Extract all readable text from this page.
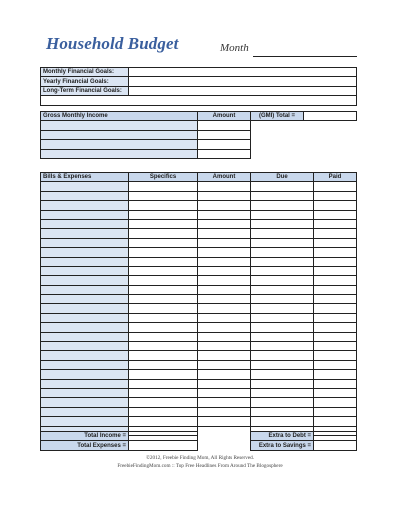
Household Budget	Month
Monthly Financial Goals:	
Yearly Financial Goals:	
Long-Term Financial Goals:	

Gross Monthly Income	Amount	(GMI) Total =	

Bills & Expenses	Specifics	Amount	Due	Paid

Total Income =			Extra to Debt =	
Total Expenses =			Extra to Savings =	
©2012, Freebie Finding Mom, All Rights Reserved.
FreebieFindingMom.com :: Top Free Headlines From Around The Blogosphere
